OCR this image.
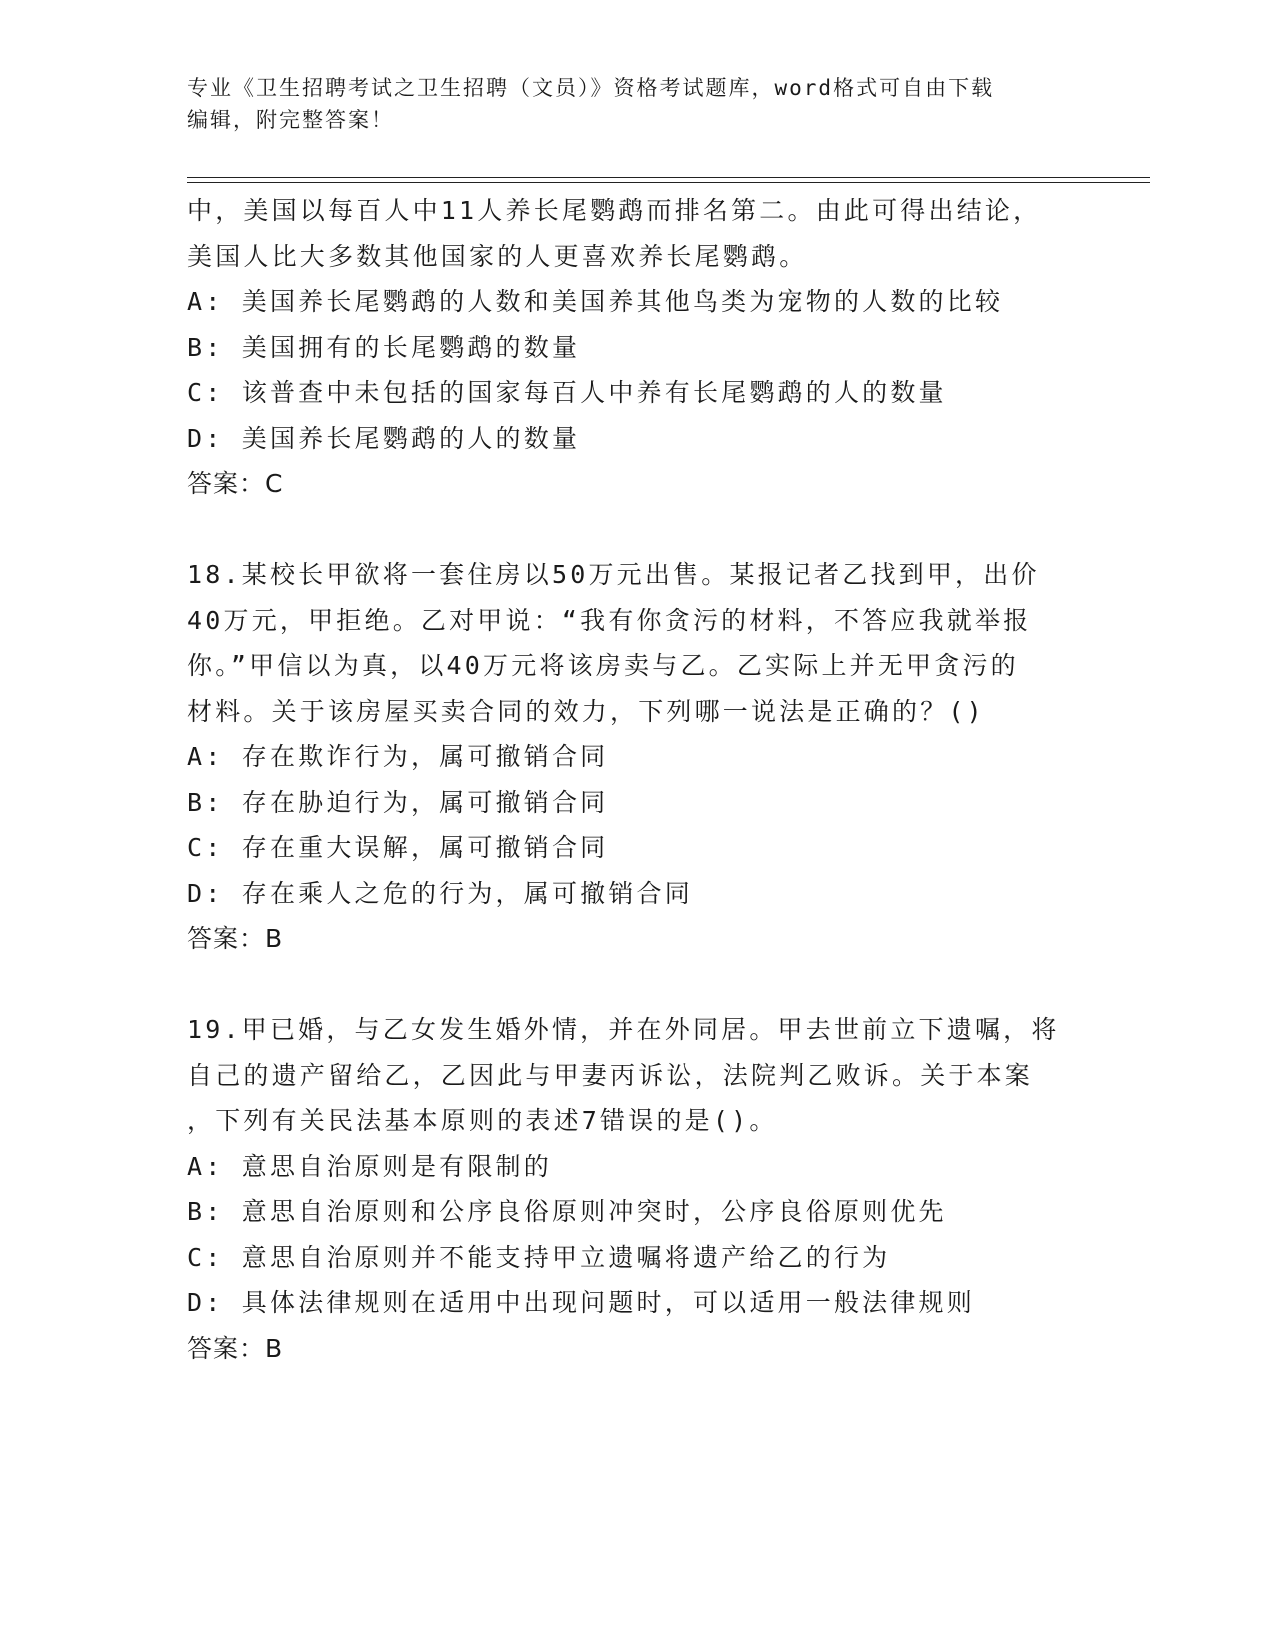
专业《卫生招聘考试之卫生招聘（文员）》资格考试题库，word格式可自由下载
编辑，附完整答案！
中，美国以每百人中11人养长尾鹦鹉而排名第二。由此可得出结论，
美国人比大多数其他国家的人更喜欢养长尾鹦鹉。
A: 美国养长尾鹦鹉的人数和美国养其他鸟类为宠物的人数的比较
B: 美国拥有的长尾鹦鹉的数量
C: 该普查中未包括的国家每百人中养有长尾鹦鹉的人的数量
D: 美国养长尾鹦鹉的人的数量
答案：C
18.某校长甲欲将一套住房以50万元出售。某报记者乙找到甲，出价
40万元，甲拒绝。乙对甲说：“我有你贪污的材料，不答应我就举报
你。”甲信以为真，以40万元将该房卖与乙。乙实际上并无甲贪污的
材料。关于该房屋买卖合同的效力，下列哪一说法是正确的？()
A: 存在欺诈行为，属可撤销合同
B: 存在胁迫行为，属可撤销合同
C: 存在重大误解，属可撤销合同
D: 存在乘人之危的行为，属可撤销合同
答案：B
19.甲已婚，与乙女发生婚外情，并在外同居。甲去世前立下遗嘱，将
自己的遗产留给乙，乙因此与甲妻丙诉讼，法院判乙败诉。关于本案
，下列有关民法基本原则的表述7错误的是()。
A: 意思自治原则是有限制的
B: 意思自治原则和公序良俗原则冲突时，公序良俗原则优先
C: 意思自治原则并不能支持甲立遗嘱将遗产给乙的行为
D: 具体法律规则在适用中出现问题时，可以适用一般法律规则
答案：B
